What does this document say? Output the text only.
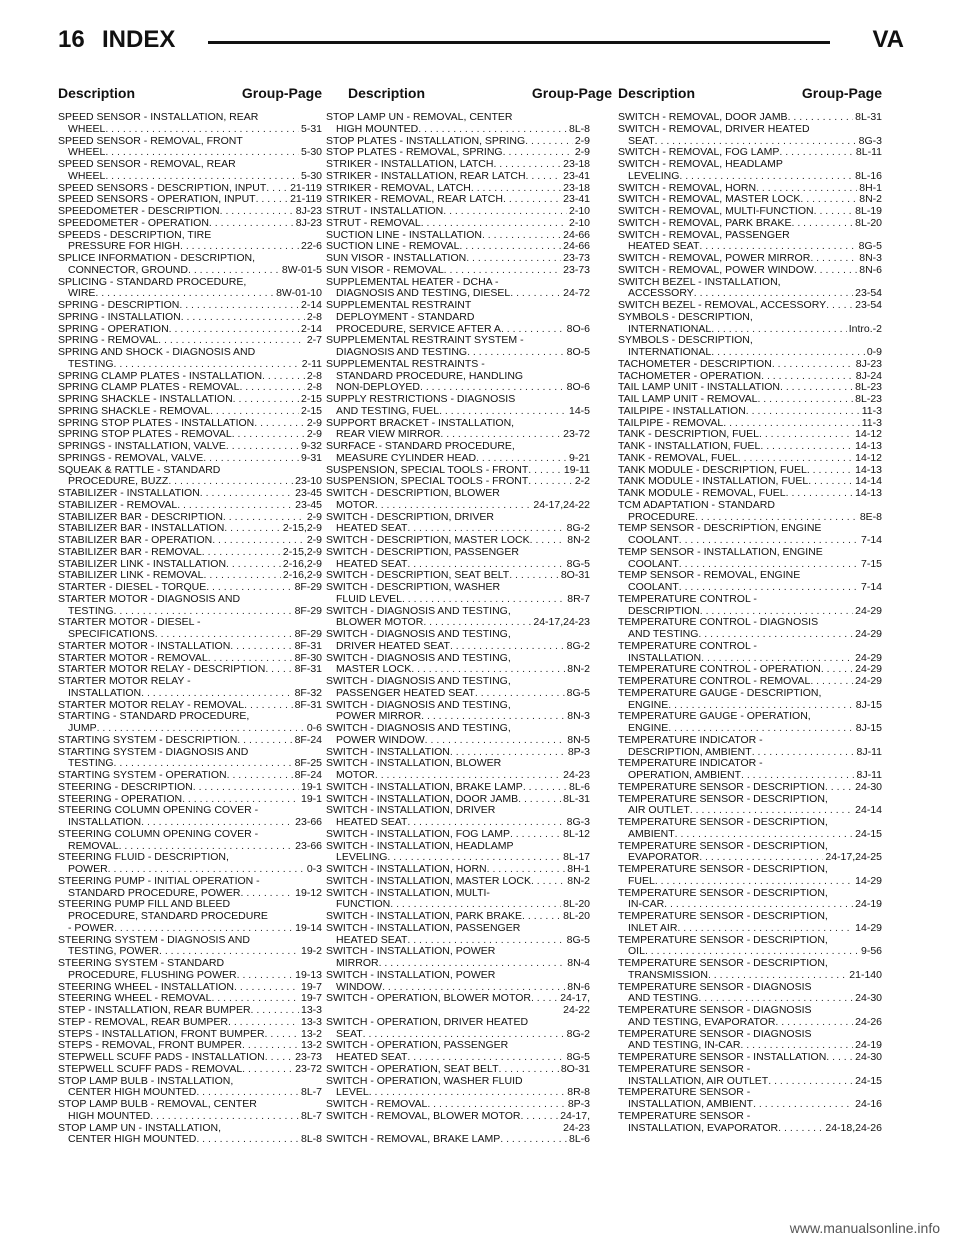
16 INDEX	VA
Description	Group-Page Description	Group-Page Description	Group-Page
SPEED SENSOR - INSTALLATION, REAR
WHEEL . . .	5-31
SPEED SENSOR - REMOVAL, FRONT
WHEEL . . .	5-30
SPEED SENSOR - REMOVAL, REAR
WHEEL . . .	5-30
SPEED SENSORS - DESCRIPTION, INPUT . . . 21-119
SPEED SENSORS - OPERATION, INPUT . . .	21-119
SPEEDOMETER - DESCRIPTION . . .	8J-23
SPEEDOMETER - OPERATION . . .	8J-23
SPEEDS - DESCRIPTION, TIRE
PRESSURE FOR HIGH . . .	22-6
SPLICE INFORMATION - DESCRIPTION,
CONNECTOR, GROUND . . .	8W-01-5
SPLICING - STANDARD PROCEDURE,
WIRE . . .	8W-01-10
SPRING - DESCRIPTION . . .	2-14
SPRING - INSTALLATION . . .	2-8
SPRING - OPERATION . . .	2-14
SPRING - REMOVAL . . .	2-7
SPRING AND SHOCK - DIAGNOSIS AND
TESTING . . .	2-11
SPRING CLAMP PLATES - INSTALLATION . . .	2-8
SPRING CLAMP PLATES - REMOVAL . . .	2-8
SPRING SHACKLE - INSTALLATION . . .	2-15
SPRING SHACKLE - REMOVAL . . .	2-15
SPRING STOP PLATES - INSTALLATION . . .	2-9
SPRING STOP PLATES - REMOVAL . . .	2-9
SPRINGS - INSTALLATION, VALVE . . .	9-32
SPRINGS - REMOVAL, VALVE . . .	9-31
SQUEAK & RATTLE - STANDARD
PROCEDURE, BUZZ . . .	23-10
STABILIZER - INSTALLATION . . .	23-45
STABILIZER - REMOVAL . . .	23-45
STABILIZER BAR - DESCRIPTION . . .	2-9
STABILIZER BAR - INSTALLATION . . .	2-15,2-9
STABILIZER BAR - OPERATION . . .	2-9
STABILIZER BAR - REMOVAL . . .	2-15,2-9
STABILIZER LINK - INSTALLATION . . .	2-16,2-9
STABILIZER LINK - REMOVAL . . .	2-16,2-9
STARTER - DIESEL - TORQUE . . .	8F-29
STARTER MOTOR - DIAGNOSIS AND
TESTING . . .	8F-29
STARTER MOTOR - DIESEL -
SPECIFICATIONS . . .	8F-29
STARTER MOTOR - INSTALLATION . . .	8F-31
STARTER MOTOR - REMOVAL . . .	8F-30
STARTER MOTOR RELAY - DESCRIPTION . . .	8F-31
STARTER MOTOR RELAY -
INSTALLATION . . .	8F-32
STARTER MOTOR RELAY - REMOVAL . . .	8F-31
STARTING - STANDARD PROCEDURE,
JUMP . . .	0-6
STARTING SYSTEM - DESCRIPTION . . .	8F-24
STARTING SYSTEM - DIAGNOSIS AND
TESTING . . .	8F-25
STARTING SYSTEM - OPERATION . . .	8F-24
STEERING - DESCRIPTION . . .	19-1
STEERING - OPERATION . . .	19-1
STEERING COLUMN OPENING COVER -
INSTALLATION . . .	23-66
STEERING COLUMN OPENING COVER -
REMOVAL . . .	23-66
STEERING FLUID - DESCRIPTION,
POWER . . .	0-3
STEERING PUMP - INITIAL OPERATION -
STANDARD PROCEDURE, POWER . . .	19-12
STEERING PUMP FILL AND BLEED
PROCEDURE, STANDARD PROCEDURE
- POWER . . .	19-14
STEERING SYSTEM - DIAGNOSIS AND
TESTING, POWER . . .	19-2
STEERING SYSTEM - STANDARD
PROCEDURE, FLUSHING POWER . . .	19-13
STEERING WHEEL - INSTALLATION . . .	19-7
STEERING WHEEL - REMOVAL . . .	19-7
STEP - INSTALLATION, REAR BUMPER . . .	13-3
STEP - REMOVAL, REAR BUMPER . . .	13-3
STEPS - INSTALLATION, FRONT BUMPER . . .	13-2
STEPS - REMOVAL, FRONT BUMPER . . .	13-2
STEPWELL SCUFF PADS - INSTALLATION . . .	23-73
STEPWELL SCUFF PADS - REMOVAL . . .	23-72
STOP LAMP BULB - INSTALLATION,
CENTER HIGH MOUNTED . . .	8L-7
STOP LAMP BULB - REMOVAL, CENTER
HIGH MOUNTED . . .	8L-7
STOP LAMP UN - INSTALLATION,
CENTER HIGH MOUNTED . . .	8L-8
STOP LAMP UN - REMOVAL, CENTER
HIGH MOUNTED . . .	8L-8
STOP PLATES - INSTALLATION, SPRING . . .	2-9
STOP PLATES - REMOVAL, SPRING . . .	2-9
STRIKER - INSTALLATION, LATCH . . .	23-18
STRIKER - INSTALLATION, REAR LATCH . . .	23-41
STRIKER - REMOVAL, LATCH . . .	23-18
STRIKER - REMOVAL, REAR LATCH . . .	23-41
STRUT - INSTALLATION . . .	2-10
STRUT - REMOVAL . . .	2-10
SUCTION LINE - INSTALLATION . . .	24-66
SUCTION LINE - REMOVAL . . .	24-66
SUN VISOR - INSTALLATION . . .	23-73
SUN VISOR - REMOVAL . . .	23-73
SUPPLEMENTAL HEATER - DCHA -
DIAGNOSIS AND TESTING, DIESEL . . .	24-72
SUPPLEMENTAL RESTRAINT
DEPLOYMENT - STANDARD
PROCEDURE, SERVICE AFTER A . . .	8O-6
SUPPLEMENTAL RESTRAINT SYSTEM -
DIAGNOSIS AND TESTING . . .	8O-5
SUPPLEMENTAL RESTRAINTS -
STANDARD PROCEDURE, HANDLING
NON-DEPLOYED . . .	8O-6
SUPPLY RESTRICTIONS - DIAGNOSIS
AND TESTING, FUEL . . .	14-5
SUPPORT BRACKET - INSTALLATION,
REAR VIEW MIRROR . . .	23-72
SURFACE - STANDARD PROCEDURE,
MEASURE CYLINDER HEAD . . .	9-21
SUSPENSION, SPECIAL TOOLS - FRONT . . .	19-11
SUSPENSION, SPECIAL TOOLS - FRONT . . .	2-2
SWITCH - DESCRIPTION, BLOWER
MOTOR . . .	24-17,24-22
SWITCH - DESCRIPTION, DRIVER
HEATED SEAT . . .	8G-2
SWITCH - DESCRIPTION, MASTER LOCK . . .	8N-2
SWITCH - DESCRIPTION, PASSENGER
HEATED SEAT . . .	8G-5
SWITCH - DESCRIPTION, SEAT BELT . . .	8O-31
SWITCH - DESCRIPTION, WASHER
FLUID LEVEL . . .	8R-7
SWITCH - DIAGNOSIS AND TESTING,
BLOWER MOTOR . . .	24-17,24-23
SWITCH - DIAGNOSIS AND TESTING,
DRIVER HEATED SEAT . . .	8G-2
SWITCH - DIAGNOSIS AND TESTING,
MASTER LOCK . . .	8N-2
SWITCH - DIAGNOSIS AND TESTING,
PASSENGER HEATED SEAT . . .	8G-5
SWITCH - DIAGNOSIS AND TESTING,
POWER MIRROR . . .	8N-3
SWITCH - DIAGNOSIS AND TESTING,
POWER WINDOW . . .	8N-5
SWITCH - INSTALLATION . . .	8P-3
SWITCH - INSTALLATION, BLOWER
MOTOR . . .	24-23
SWITCH - INSTALLATION, BRAKE LAMP . . .	8L-6
SWITCH - INSTALLATION, DOOR JAMB . . .	8L-31
SWITCH - INSTALLATION, DRIVER
HEATED SEAT . . .	8G-3
SWITCH - INSTALLATION, FOG LAMP . . .	8L-12
SWITCH - INSTALLATION, HEADLAMP
LEVELING . . .	8L-17
SWITCH - INSTALLATION, HORN . . .	8H-1
SWITCH - INSTALLATION, MASTER LOCK . . .	8N-2
SWITCH - INSTALLATION, MULTI-
FUNCTION . . .	8L-20
SWITCH - INSTALLATION, PARK BRAKE . . .	8L-20
SWITCH - INSTALLATION, PASSENGER
HEATED SEAT . . .	8G-5
SWITCH - INSTALLATION, POWER
MIRROR . . .	8N-4
SWITCH - INSTALLATION, POWER
WINDOW . . .	8N-6
SWITCH - OPERATION, BLOWER MOTOR . . .	24-17,
24-22
SWITCH - OPERATION, DRIVER HEATED
SEAT . . .	8G-2
SWITCH - OPERATION, PASSENGER
HEATED SEAT . . .	8G-5
SWITCH - OPERATION, SEAT BELT . . .	8O-31
SWITCH - OPERATION, WASHER FLUID
LEVEL . . .	8R-8
SWITCH - REMOVAL . . .	8P-3
SWITCH - REMOVAL, BLOWER MOTOR . . .	24-17,
24-23
SWITCH - REMOVAL, BRAKE LAMP . . .	8L-6
SWITCH - REMOVAL, DOOR JAMB . . .	8L-31
SWITCH - REMOVAL, DRIVER HEATED
SEAT . . .	8G-3
SWITCH - REMOVAL, FOG LAMP . . .	8L-11
SWITCH - REMOVAL, HEADLAMP
LEVELING . . .	8L-16
SWITCH - REMOVAL, HORN . . .	8H-1
SWITCH - REMOVAL, MASTER LOCK . . .	8N-2
SWITCH - REMOVAL, MULTI-FUNCTION . . .	8L-19
SWITCH - REMOVAL, PARK BRAKE . . .	8L-20
SWITCH - REMOVAL, PASSENGER
HEATED SEAT . . .	8G-5
SWITCH - REMOVAL, POWER MIRROR . . .	8N-3
SWITCH - REMOVAL, POWER WINDOW . . .	8N-6
SWITCH BEZEL - INSTALLATION,
ACCESSORY . . .	23-54
SWITCH BEZEL - REMOVAL, ACCESSORY . . .	23-54
SYMBOLS - DESCRIPTION,
INTERNATIONAL . . .	Intro.-2
SYMBOLS - DESCRIPTION,
INTERNATIONAL . . .	0-9
TACHOMETER - DESCRIPTION . . .	8J-23
TACHOMETER - OPERATION . . .	8J-24
TAIL LAMP UNIT - INSTALLATION . . .	8L-23
TAIL LAMP UNIT - REMOVAL . . .	8L-23
TAILPIPE - INSTALLATION . . .	11-3
TAILPIPE - REMOVAL . . .	11-3
TANK - DESCRIPTION, FUEL . . .	14-12
TANK - INSTALLATION, FUEL . . .	14-13
TANK - REMOVAL, FUEL . . .	14-12
TANK MODULE - DESCRIPTION, FUEL . . .	14-13
TANK MODULE - INSTALLATION, FUEL . . .	14-14
TANK MODULE - REMOVAL, FUEL . . .	14-13
TCM ADAPTATION - STANDARD
PROCEDURE . . .	8E-8
TEMP SENSOR - DESCRIPTION, ENGINE
COOLANT . . .	7-14
TEMP SENSOR - INSTALLATION, ENGINE
COOLANT . . .	7-15
TEMP SENSOR - REMOVAL, ENGINE
COOLANT . . .	7-14
TEMPERATURE CONTROL -
DESCRIPTION . . .	24-29
TEMPERATURE CONTROL - DIAGNOSIS
AND TESTING . . .	24-29
TEMPERATURE CONTROL -
INSTALLATION . . .	24-29
TEMPERATURE CONTROL - OPERATION . . .	24-29
TEMPERATURE CONTROL - REMOVAL . . .	24-29
TEMPERATURE GAUGE - DESCRIPTION,
ENGINE . . .	8J-15
TEMPERATURE GAUGE - OPERATION,
ENGINE . . .	8J-15
TEMPERATURE INDICATOR -
DESCRIPTION, AMBIENT . . .	8J-11
TEMPERATURE INDICATOR -
OPERATION, AMBIENT . . .	8J-11
TEMPERATURE SENSOR - DESCRIPTION . . .	24-30
TEMPERATURE SENSOR - DESCRIPTION,
AIR OUTLET . . .	24-14
TEMPERATURE SENSOR - DESCRIPTION,
AMBIENT . . .	24-15
TEMPERATURE SENSOR - DESCRIPTION,
EVAPORATOR . . .	24-17,24-25
TEMPERATURE SENSOR - DESCRIPTION,
FUEL . . .	14-29
TEMPERATURE SENSOR - DESCRIPTION,
IN-CAR . . .	24-19
TEMPERATURE SENSOR - DESCRIPTION,
INLET AIR . . .	14-29
TEMPERATURE SENSOR - DESCRIPTION,
OIL . . .	9-56
TEMPERATURE SENSOR - DESCRIPTION,
TRANSMISSION . . .	21-140
TEMPERATURE SENSOR - DIAGNOSIS
AND TESTING . . .	24-30
TEMPERATURE SENSOR - DIAGNOSIS
AND TESTING, EVAPORATOR . . .	24-26
TEMPERATURE SENSOR - DIAGNOSIS
AND TESTING, IN-CAR . . .	24-19
TEMPERATURE SENSOR - INSTALLATION . . .	24-30
TEMPERATURE SENSOR -
INSTALLATION, AIR OUTLET . . .	24-15
TEMPERATURE SENSOR -
INSTALLATION, AMBIENT . . .	24-16
TEMPERATURE SENSOR -
INSTALLATION, EVAPORATOR . . .	24-18,24-26
www.manualsonline.info
